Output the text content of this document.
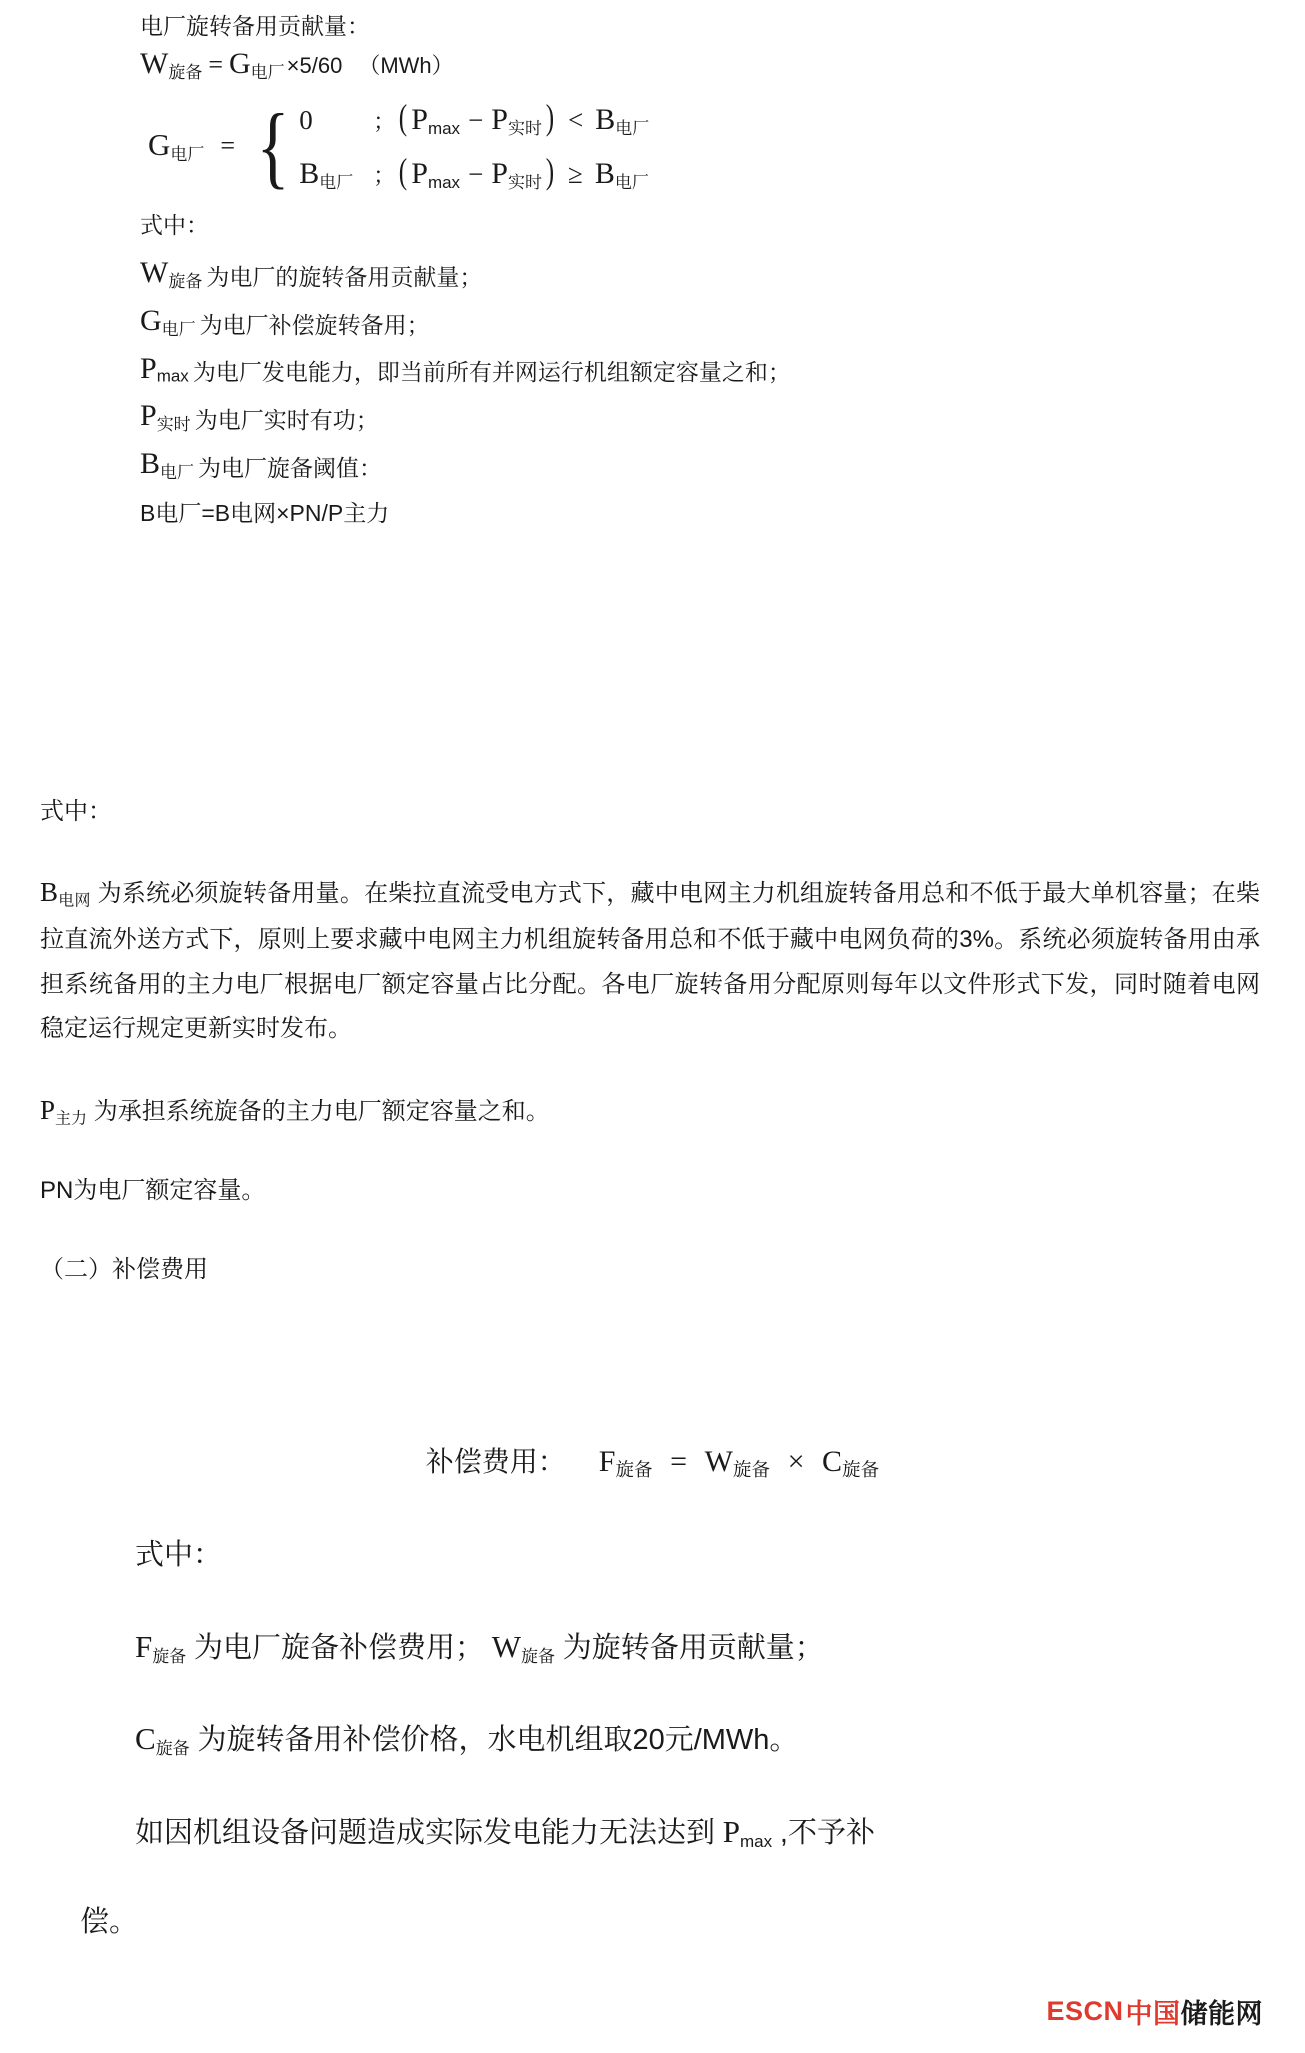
电厂旋转备用贡献量：
$W_{旋备} = G_{电厂} \times 5/60$ （MWh）
$G_{电厂}$ = { 0	； ( $P_{max} - P_{实时}$ ) < $B_{电厂}$
$B_{电厂}$ ； ( $P_{max} - P_{实时}$ ) ≥ $B_{电厂}$
式中：
$W_{旋备}$ 为电厂的旋转备用贡献量；
$G_{电厂}$ 为电厂补偿旋转备用；
$P_{max}$ 为电厂发电能力，即当前所有并网运行机组额定容量之和；
$P_{实时}$ 为电厂实时有功；
$B_{电厂}$ 为电厂旋备阈值：
B电厂=B电网×PN/P主力

式中：

$B_{电网}$ 为系统必须旋转备用量。在柴拉直流受电方式下，藏中电网主力机组旋转备用总和不低于最大单机容量；在柴拉直流外送方式下，原则上要求藏中电网主力机组旋转备用总和不低于藏中电网负荷的3%。系统必须旋转备用由承担系统备用的主力电厂根据电厂额定容量占比分配。各电厂旋转备用分配原则每年以文件形式下发，同时随着电网稳定运行规定更新实时发布。

$P_{主力}$ 为承担系统旋备的主力电厂额定容量之和。

PN为电厂额定容量。

（二）补偿费用

补偿费用： $F_{旋备} = W_{旋备} \times C_{旋备}$
式中：
$F_{旋备}$ 为电厂旋备补偿费用； $W_{旋备}$ 为旋转备用贡献量；
$C_{旋备}$ 为旋转备用补偿价格，水电机组取20元/MWh。
如因机组设备问题造成实际发电能力无法达到 $P_{max}$ ,不予补
偿。
ESCN 中国 储能网
